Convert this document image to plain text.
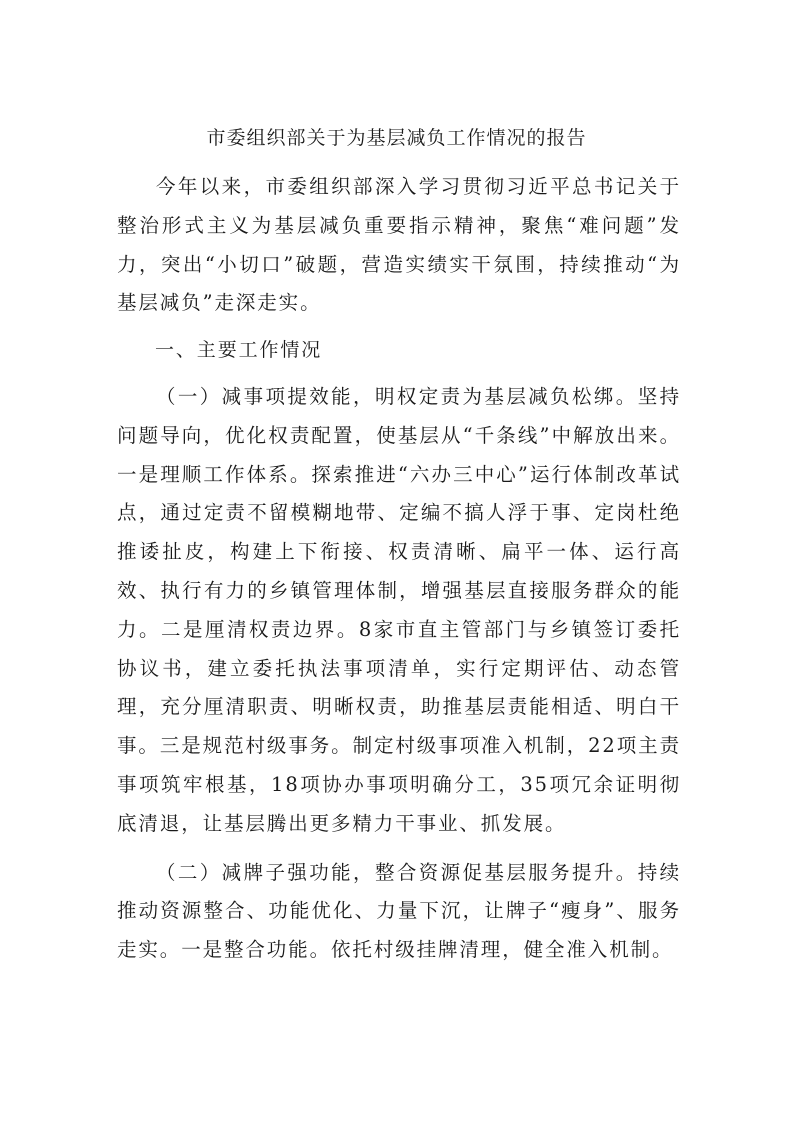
市委组织部关于为基层减负工作情况的报告

今年以来，市委组织部深入学习贯彻习近平总书记关于整治形式主义为基层减负重要指示精神，聚焦“难问题”发力，突出“小切口”破题，营造实绩实干氛围，持续推动“为基层减负”走深走实。

一、主要工作情况

（一）减事项提效能，明权定责为基层减负松绑。坚持问题导向，优化权责配置，使基层从“千条线”中解放出来。一是理顺工作体系。探索推进“六办三中心”运行体制改革试点，通过定责不留模糊地带、定编不搞人浮于事、定岗杜绝推诿扯皮，构建上下衔接、权责清晰、扁平一体、运行高效、执行有力的乡镇管理体制，增强基层直接服务群众的能力。二是厘清权责边界。8家市直主管部门与乡镇签订委托协议书，建立委托执法事项清单，实行定期评估、动态管理，充分厘清职责、明晰权责，助推基层责能相适、明白干事。三是规范村级事务。制定村级事项准入机制，22项主责事项筑牢根基，18项协办事项明确分工，35项冗余证明彻底清退，让基层腾出更多精力干事业、抓发展。

（二）减牌子强功能，整合资源促基层服务提升。持续推动资源整合、功能优化、力量下沉，让牌子“瘦身”、服务走实。一是整合功能。依托村级挂牌清理，健全准入机制。
